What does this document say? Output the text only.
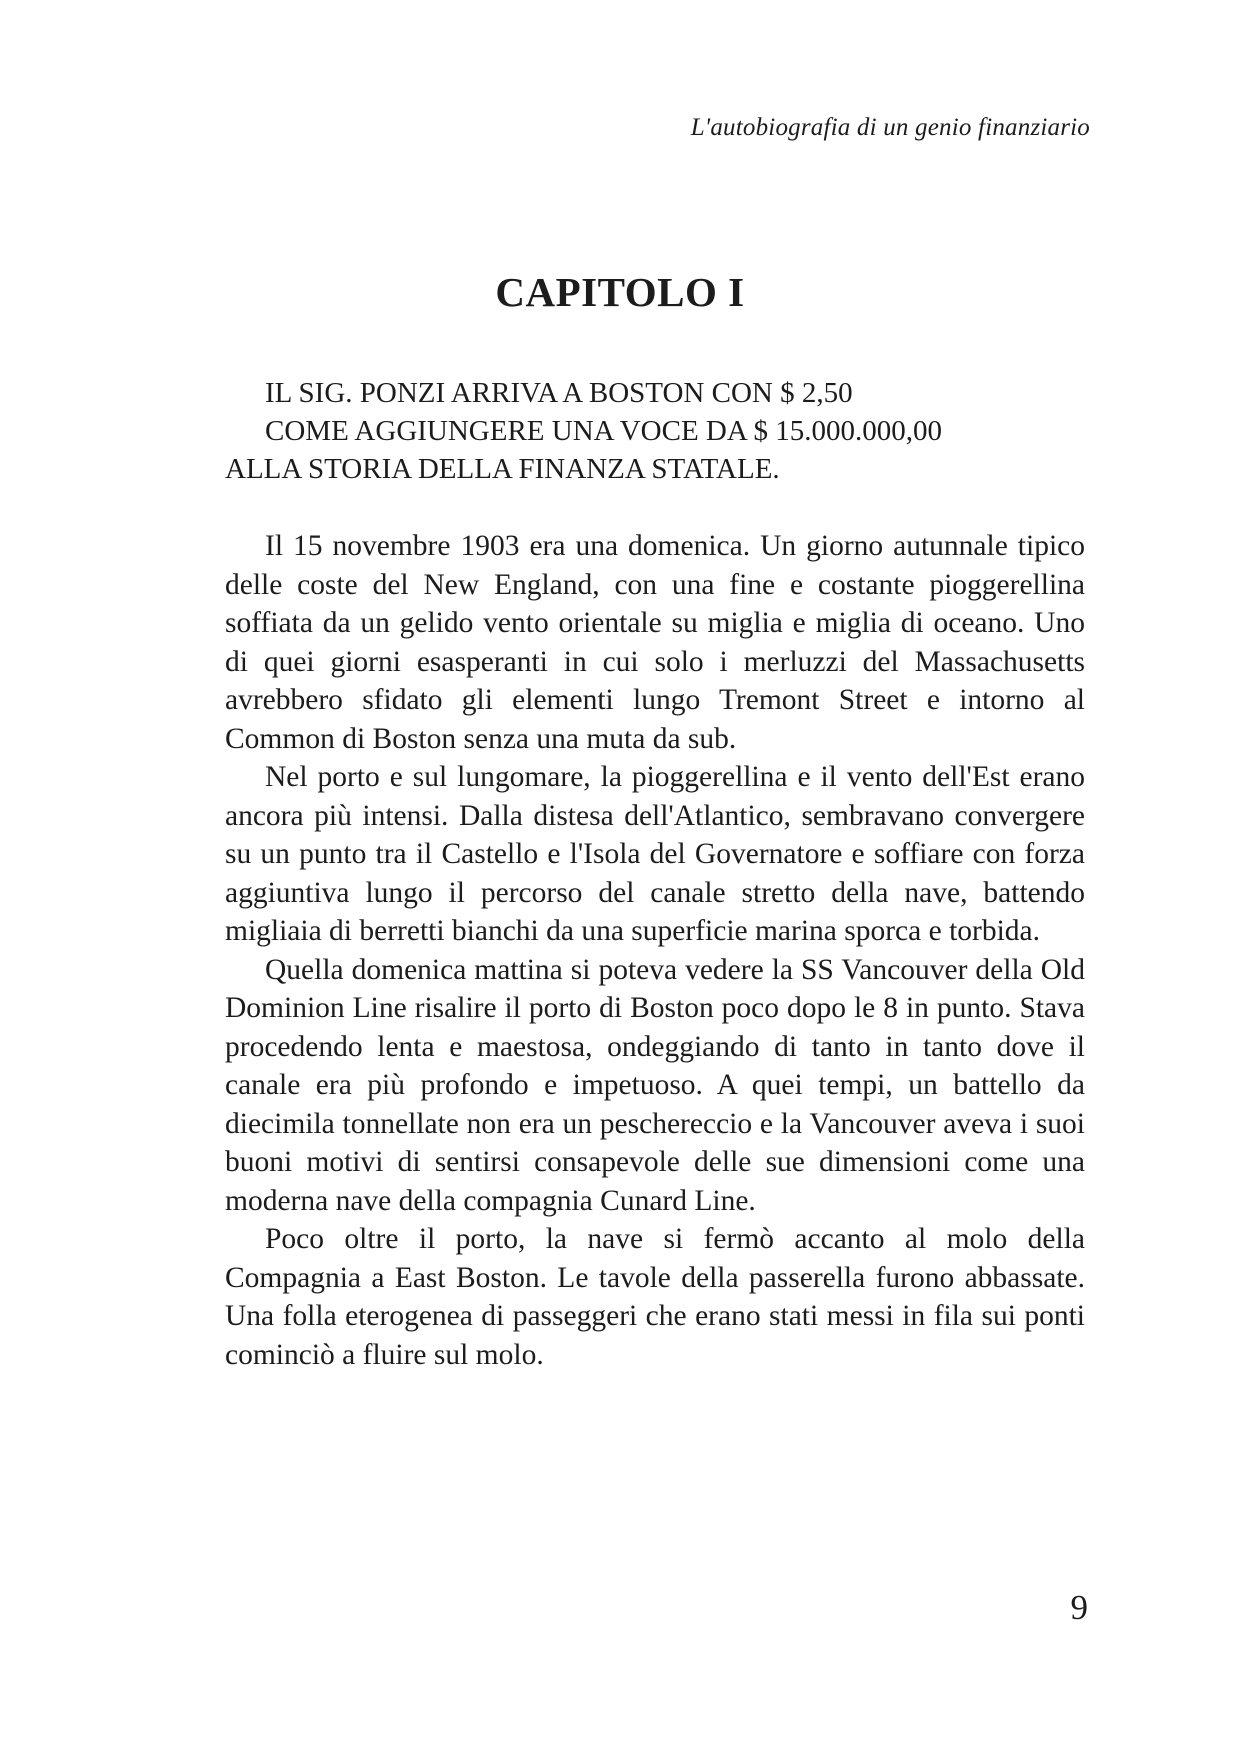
L'autobiografia di un genio finanziario
CAPITOLO I
IL SIG. PONZI ARRIVA A BOSTON CON $ 2,50
COME AGGIUNGERE UNA VOCE DA $ 15.000.000,00
ALLA STORIA DELLA FINANZA STATALE.

Il 15 novembre 1903 era una domenica. Un giorno autunnale tipico delle coste del New England, con una fine e costante pioggerellina soffiata da un gelido vento orientale su miglia e miglia di oceano. Uno di quei giorni esasperanti in cui solo i merluzzi del Massachusetts avrebbero sfidato gli elementi lungo Tremont Street e intorno al Common di Boston senza una muta da sub.

Nel porto e sul lungomare, la pioggerellina e il vento dell'Est erano ancora più intensi. Dalla distesa dell'Atlantico, sembravano convergere su un punto tra il Castello e l'Isola del Governatore e soffiare con forza aggiuntiva lungo il percorso del canale stretto della nave, battendo migliaia di berretti bianchi da una superficie marina sporca e torbida.

Quella domenica mattina si poteva vedere la SS Vancouver della Old Dominion Line risalire il porto di Boston poco dopo le 8 in punto. Stava procedendo lenta e maestosa, ondeggiando di tanto in tanto dove il canale era più profondo e impetuoso. A quei tempi, un battello da diecimila tonnellate non era un peschereccio e la Vancouver aveva i suoi buoni motivi di sentirsi consapevole delle sue dimensioni come una moderna nave della compagnia Cunard Line.

Poco oltre il porto, la nave si fermò accanto al molo della Compagnia a East Boston. Le tavole della passerella furono abbassate. Una folla eterogenea di passeggeri che erano stati messi in fila sui ponti cominciò a fluire sul molo.

9
